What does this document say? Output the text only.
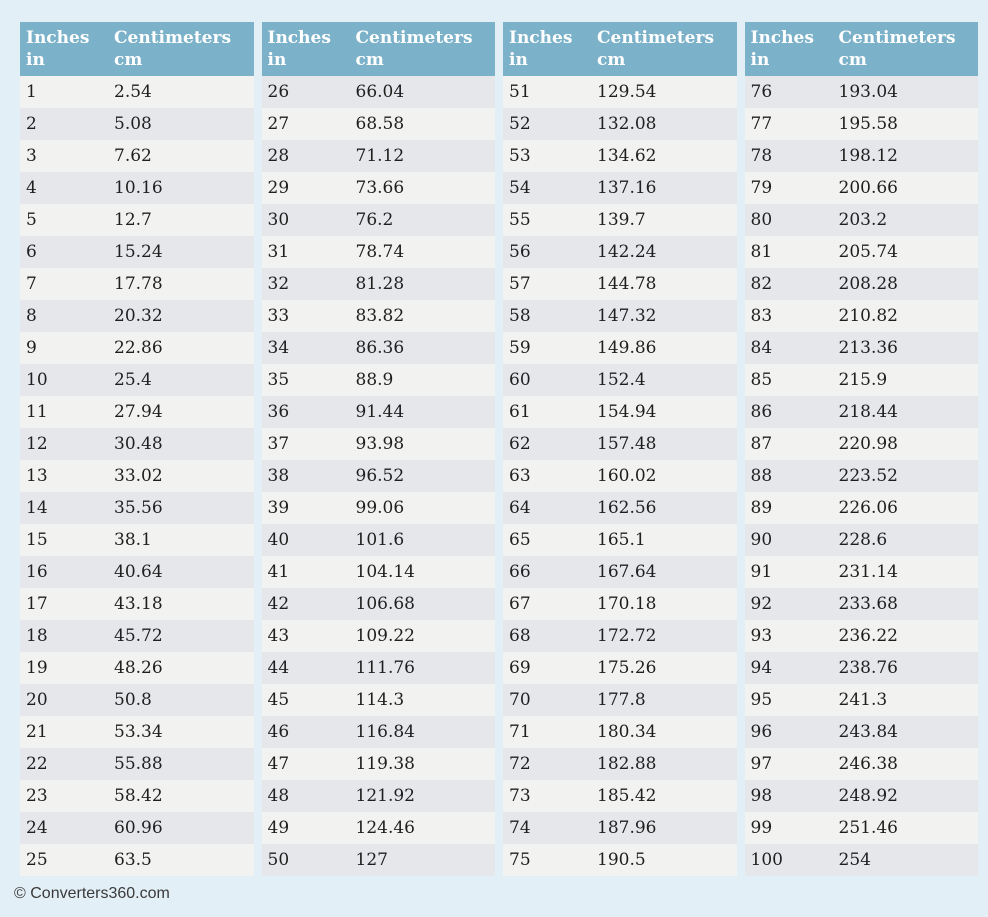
Inches
in	Centimeters
cm

1	2.54
2	5.08
3	7.62
4	10.16
5	12.7
6	15.24
7	17.78
8	20.32
9	22.86
10	25.4
11	27.94
12	30.48
13	33.02
14	35.56
15	38.1
16	40.64
17	43.18
18	45.72
19	48.26
20	50.8
21	53.34
22	55.88
23	58.42
24	60.96
25	63.5
Inches
in	Centimeters
cm

26	66.04
27	68.58
28	71.12
29	73.66
30	76.2
31	78.74
32	81.28
33	83.82
34	86.36
35	88.9
36	91.44
37	93.98
38	96.52
39	99.06
40	101.6
41	104.14
42	106.68
43	109.22
44	111.76
45	114.3
46	116.84
47	119.38
48	121.92
49	124.46
50	127
Inches
in	Centimeters
cm

51	129.54
52	132.08
53	134.62
54	137.16
55	139.7
56	142.24
57	144.78
58	147.32
59	149.86
60	152.4
61	154.94
62	157.48
63	160.02
64	162.56
65	165.1
66	167.64
67	170.18
68	172.72
69	175.26
70	177.8
71	180.34
72	182.88
73	185.42
74	187.96
75	190.5
Inches
in	Centimeters
cm

76	193.04
77	195.58
78	198.12
79	200.66
80	203.2
81	205.74
82	208.28
83	210.82
84	213.36
85	215.9
86	218.44
87	220.98
88	223.52
89	226.06
90	228.6
91	231.14
92	233.68
93	236.22
94	238.76
95	241.3
96	243.84
97	246.38
98	248.92
99	251.46
100	254
© Converters360.com
